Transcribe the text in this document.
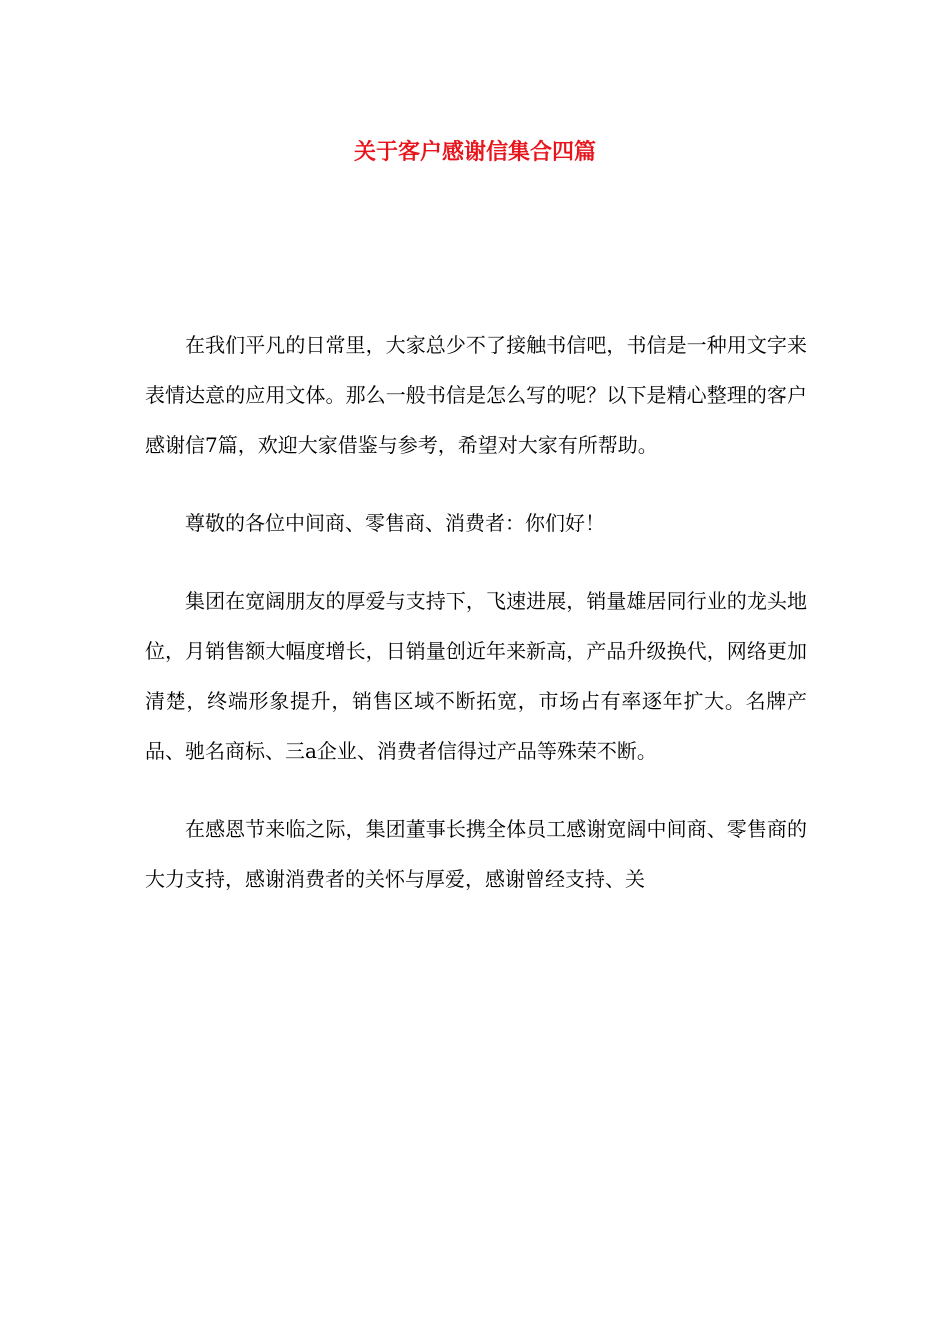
关于客户感谢信集合四篇

在我们平凡的日常里，大家总少不了接触书信吧，书信是一种用文字来表情达意的应用文体。那么一般书信是怎么写的呢？以下是精心整理的客户感谢信7篇，欢迎大家借鉴与参考，希望对大家有所帮助。

尊敬的各位中间商、零售商、消费者：你们好！

集团在宽阔朋友的厚爱与支持下，飞速进展，销量雄居同行业的龙头地位，月销售额大幅度增长，日销量创近年来新高，产品升级换代，网络更加清楚，终端形象提升，销售区域不断拓宽，市场占有率逐年扩大。名牌产品、驰名商标、三a企业、消费者信得过产品等殊荣不断。

在感恩节来临之际，集团董事长携全体员工感谢宽阔中间商、零售商的大力支持，感谢消费者的关怀与厚爱，感谢曾经支持、关
